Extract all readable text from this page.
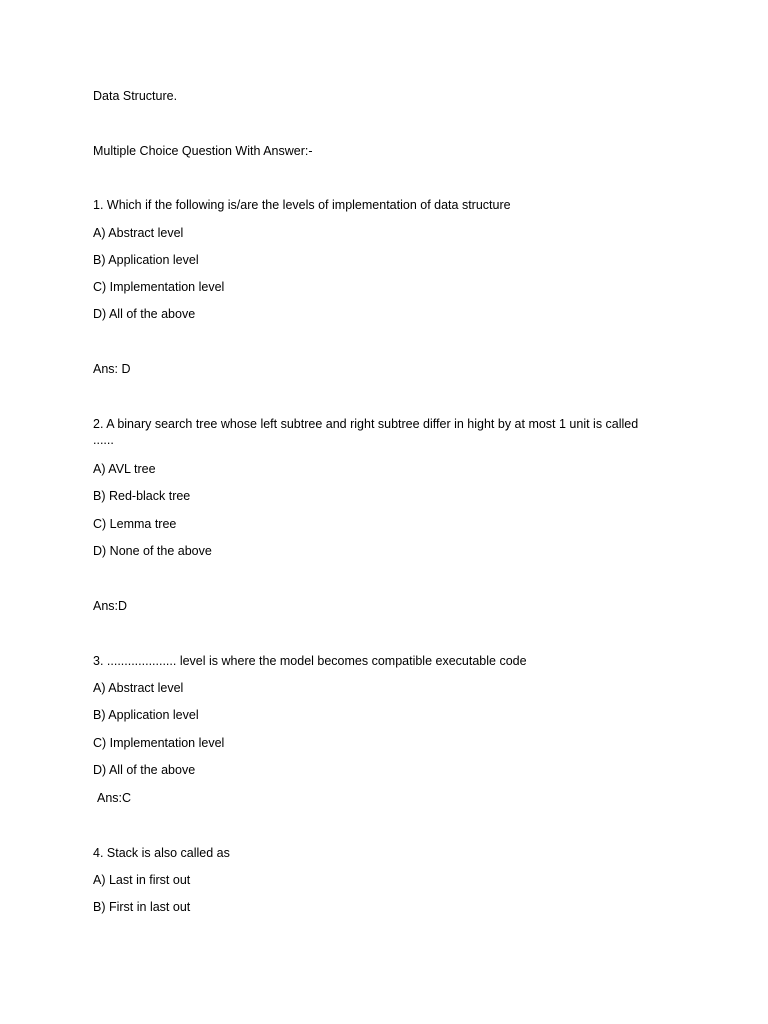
Data Structure.
Multiple Choice Question With Answer:-
1. Which if the following is/are the levels of implementation of data structure
A) Abstract level
B) Application level
C) Implementation level
D) All of the above
Ans: D
2. A binary search tree whose left subtree and right subtree differ in hight by at most 1 unit is called
......
A) AVL tree
B) Red-black tree
C) Lemma tree
D) None of the above
Ans:D
3. .................... level is where the model becomes compatible executable code
A) Abstract level
B) Application level
C) Implementation level
D) All of the above
Ans:C
4. Stack is also called as
A) Last in first out
B) First in last out
